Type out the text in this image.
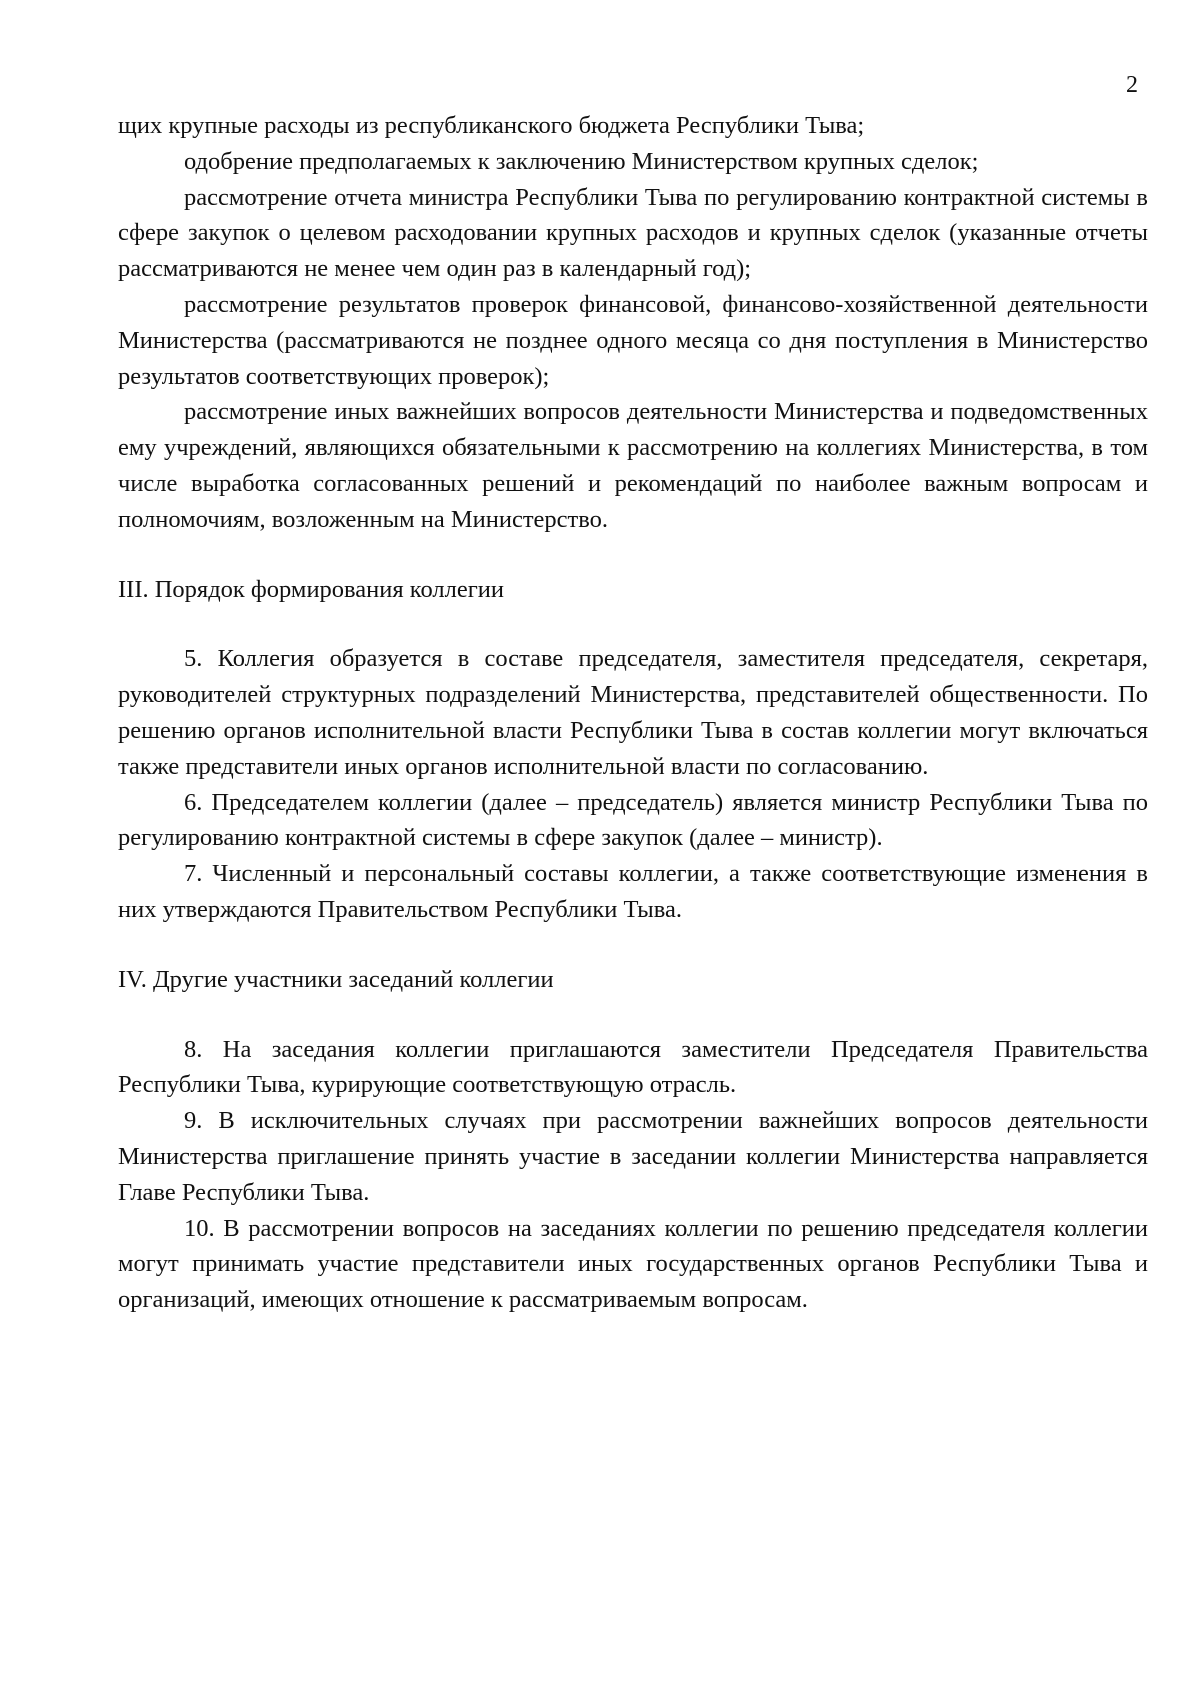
2

щих крупные расходы из республиканского бюджета Республики Тыва;

одобрение предполагаемых к заключению Министерством крупных сделок;

рассмотрение отчета министра Республики Тыва по регулированию контрактной системы в сфере закупок о целевом расходовании крупных расходов и крупных сделок (указанные отчеты рассматриваются не менее чем один раз в календарный год);

рассмотрение результатов проверок финансовой, финансово-хозяйственной деятельности Министерства (рассматриваются не позднее одного месяца со дня поступления в Министерство результатов соответствующих проверок);

рассмотрение иных важнейших вопросов деятельности Министерства и подведомственных ему учреждений, являющихся обязательными к рассмотрению на коллегиях Министерства, в том числе выработка согласованных решений и рекомендаций по наиболее важным вопросам и полномочиям, возложенным на Министерство.

III. Порядок формирования коллегии

5. Коллегия образуется в составе председателя, заместителя председателя, секретаря, руководителей структурных подразделений Министерства, представителей общественности. По решению органов исполнительной власти Республики Тыва в состав коллегии могут включаться также представители иных органов исполнительной власти по согласованию.

6. Председателем коллегии (далее – председатель) является министр Республики Тыва по регулированию контрактной системы в сфере закупок (далее – министр).

7. Численный и персональный составы коллегии, а также соответствующие изменения в них утверждаются Правительством Республики Тыва.

IV. Другие участники заседаний коллегии

8. На заседания коллегии приглашаются заместители Председателя Правительства Республики Тыва, курирующие соответствующую отрасль.

9. В исключительных случаях при рассмотрении важнейших вопросов деятельности Министерства приглашение принять участие в заседании коллегии Министерства направляется Главе Республики Тыва.

10. В рассмотрении вопросов на заседаниях коллегии по решению председателя коллегии могут принимать участие представители иных государственных органов Республики Тыва и организаций, имеющих отношение к рассматриваемым вопросам.
